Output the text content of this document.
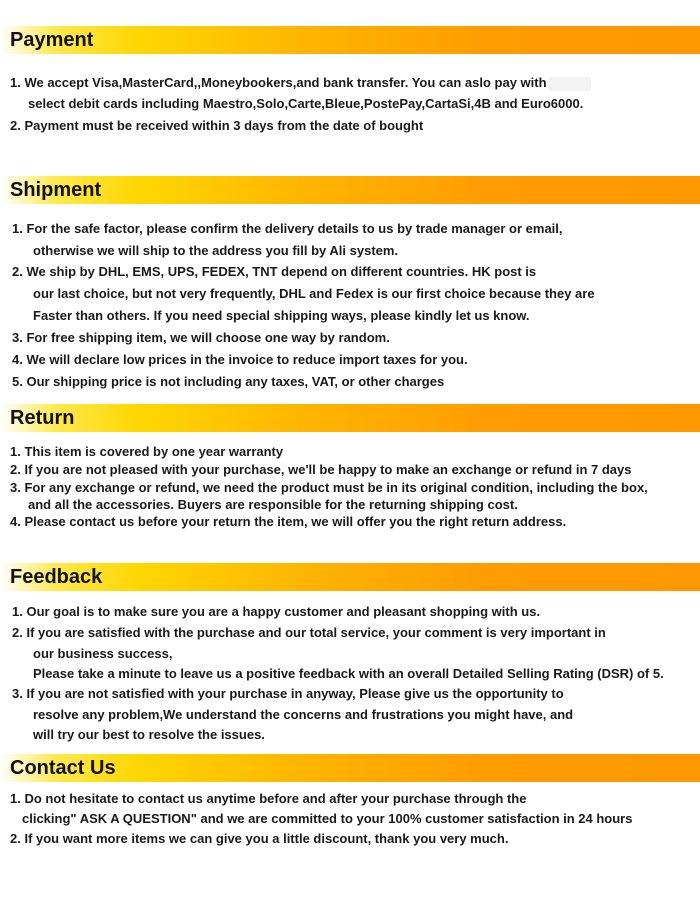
Payment
1. We accept Visa,MasterCard,,Moneybookers,and bank transfer. You can aslo pay with
select debit cards including Maestro,Solo,Carte,Bleue,PostePay,CartaSi,4B and Euro6000.
2. Payment must be received within 3 days from the date of bought
Shipment
1. For the safe factor, please confirm the delivery details to us by trade manager or email,
otherwise we will ship to the address you fill by Ali system.
2. We ship by DHL, EMS, UPS, FEDEX, TNT depend on different countries. HK post is
our last choice, but not very frequently, DHL and Fedex is our first choice because they are
Faster than others. If you need special shipping ways, please kindly let us know.
3. For free shipping item, we will choose one way by random.
4. We will declare low prices in the invoice to reduce import taxes for you.
5. Our shipping price is not including any taxes, VAT, or other charges
Return
1. This item is covered by one year warranty
2. If you are not pleased with your purchase, we'll be happy to make an exchange or refund in 7 days
3. For any exchange or refund, we need the product must be in its original condition, including the box,
and all the accessories. Buyers are responsible for the returning shipping cost.
4. Please contact us before your return the item, we will offer you the right return address.
Feedback
1. Our goal is to make sure you are a happy customer and pleasant shopping with us.
2. If you are satisfied with the purchase and our total service, your comment is very important in
our business success,
Please take a minute to leave us a positive feedback with an overall Detailed Selling Rating (DSR) of 5.
3. If you are not satisfied with your purchase in anyway, Please give us the opportunity to
resolve any problem,We understand the concerns and frustrations you might have, and
will try our best to resolve the issues.
Contact Us
1. Do not hesitate to contact us anytime before and after your purchase through the
clicking" ASK A QUESTION" and we are committed to your 100% customer satisfaction in 24 hours
2. If you want more items we can give you a little discount, thank you very much.
